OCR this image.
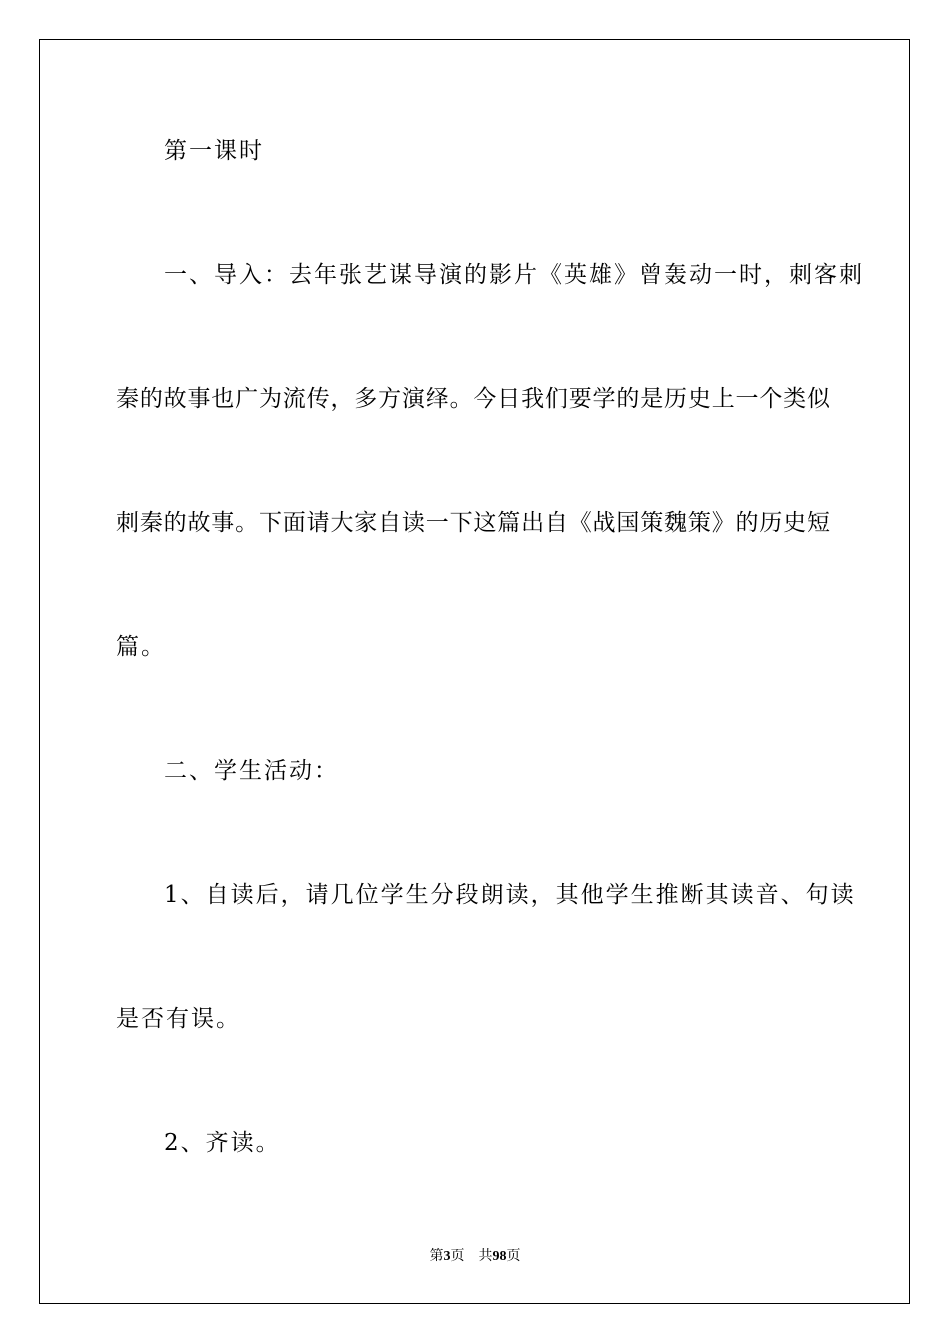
第一课时
一、导入：去年张艺谋导演的影片《英雄》曾轰动一时，刺客刺
秦的故事也广为流传，多方演绎。今日我们要学的是历史上一个类似
刺秦的故事。下面请大家自读一下这篇出自《战国策魏策》的历史短
篇。
二、学生活动：
1、自读后，请几位学生分段朗读，其他学生推断其读音、句读
是否有误。
2、齐读。
第3页 共98页
